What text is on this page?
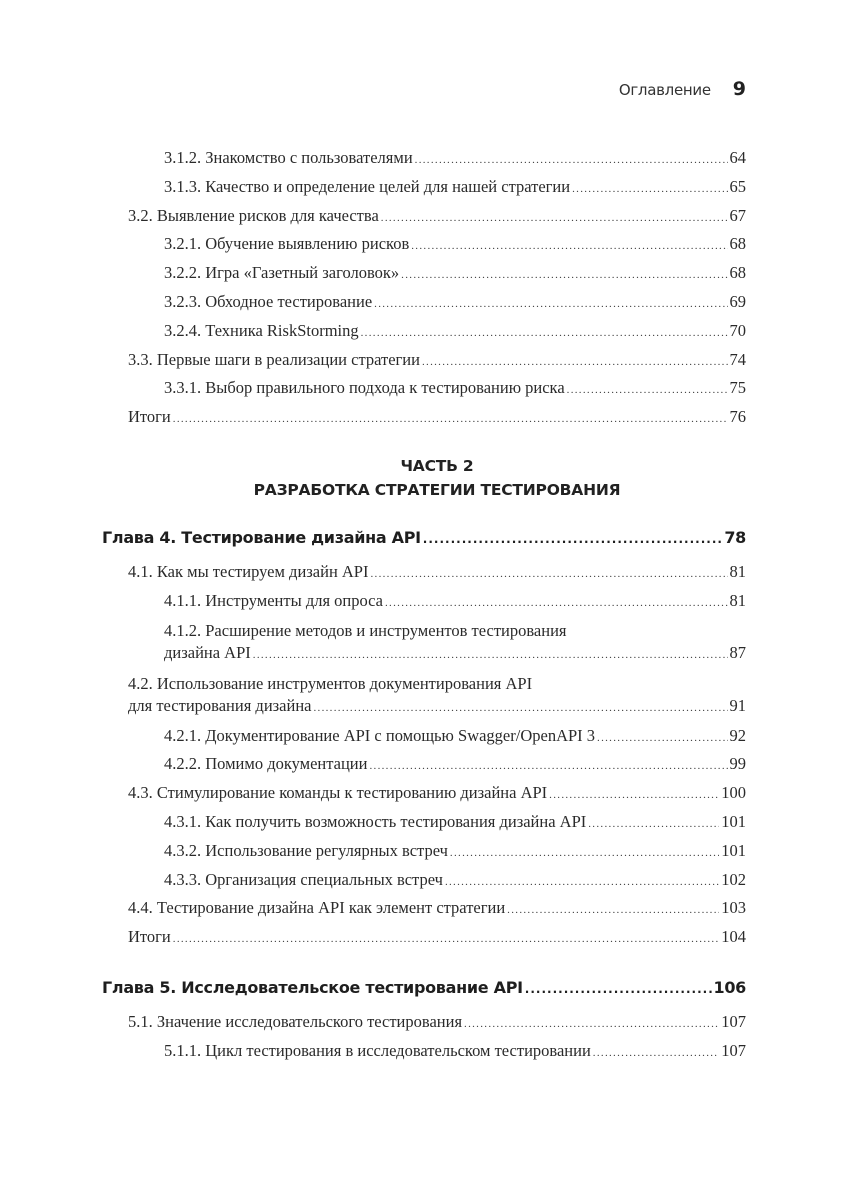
Оглавление 9
3.1.2. Знакомство с пользователями .....	64
3.1.3. Качество и определение целей для нашей стратегии .....	65
3.2. Выявление рисков для качества .....	67
3.2.1. Обучение выявлению рисков .....	68
3.2.2. Игра «Газетный заголовок» .....	68
3.2.3. Обходное тестирование .....	69
3.2.4. Техника RiskStorming .....	70
3.3. Первые шаги в реализации стратегии .....	74
3.3.1. Выбор правильного подхода к тестированию риска .....	75
Итоги .....	76
ЧАСТЬ 2
РАЗРАБОТКА СТРАТЕГИИ ТЕСТИРОВАНИЯ
Глава 4. Тестирование дизайна API .....	78
4.1. Как мы тестируем дизайн API .....	81
4.1.1. Инструменты для опроса .....	81
4.1.2. Расширение методов и инструментов тестирования
дизайна API .....	87
4.2. Использование инструментов документирования API
для тестирования дизайна .....	91
4.2.1. Документирование API с помощью Swagger/OpenAPI 3 .....	92
4.2.2. Помимо документации .....	99
4.3. Стимулирование команды к тестированию дизайна API .....	100
4.3.1. Как получить возможность тестирования дизайна API .....	101
4.3.2. Использование регулярных встреч .....	101
4.3.3. Организация специальных встреч .....	102
4.4. Тестирование дизайна API как элемент стратегии .....	103
Итоги .....	104
Глава 5. Исследовательское тестирование API .....	106
5.1. Значение исследовательского тестирования .....	107
5.1.1. Цикл тестирования в исследовательском тестировании .....	107
